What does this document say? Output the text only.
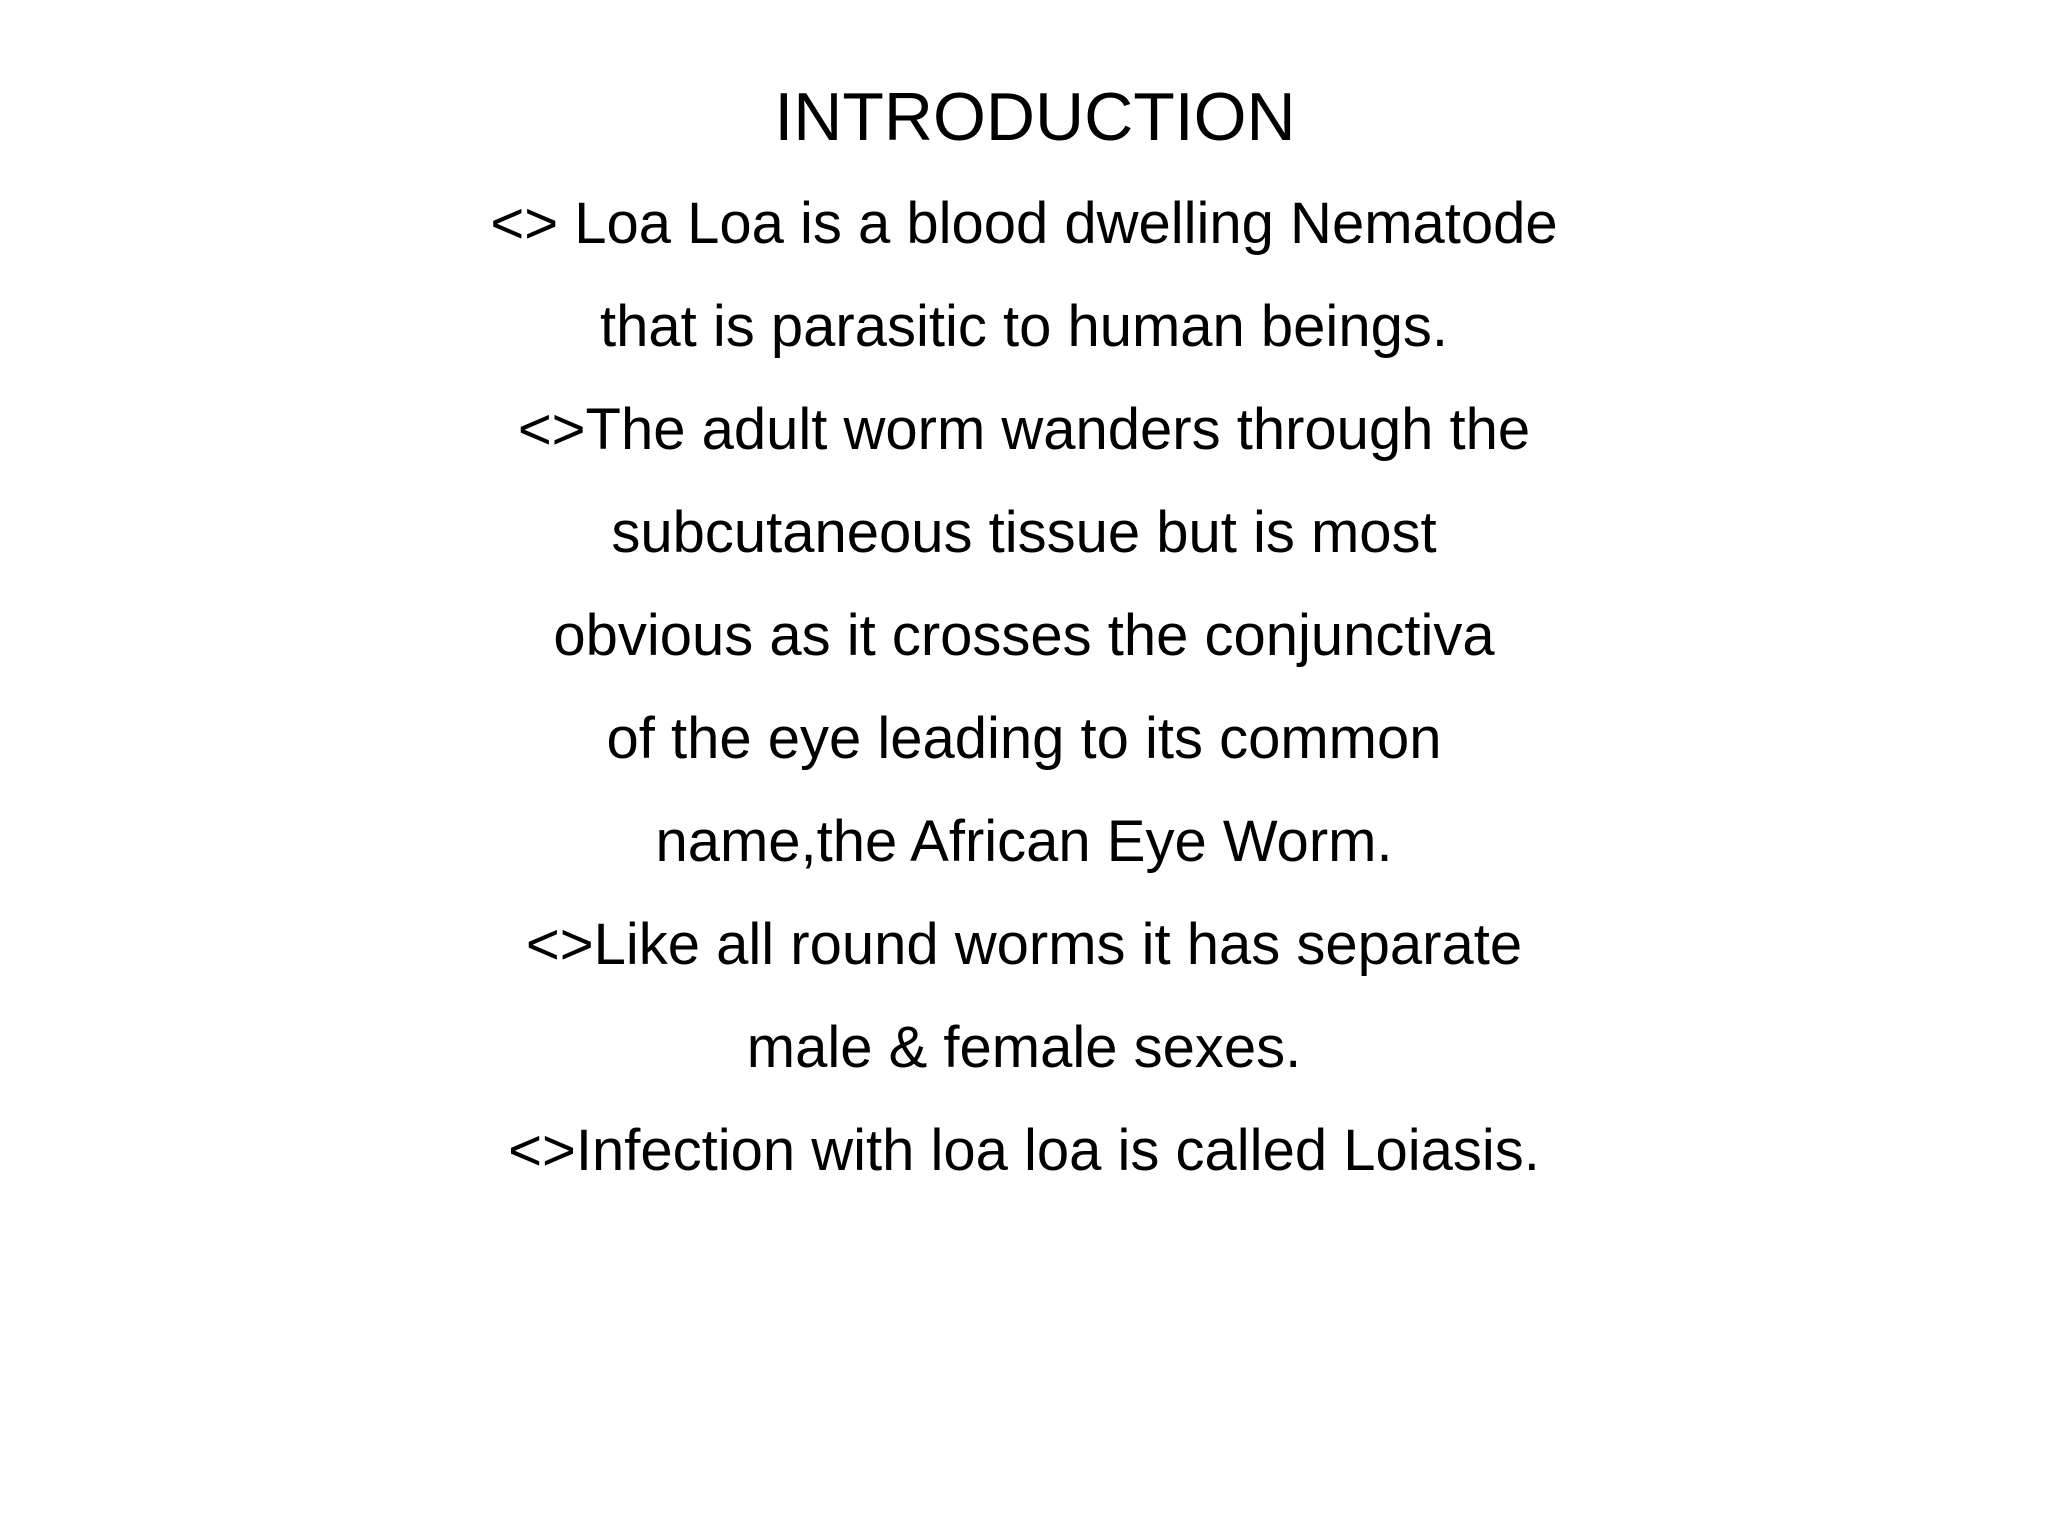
INTRODUCTION
<> Loa Loa is a blood dwelling Nematode
that is parasitic to human beings.
<>The adult worm wanders through the
subcutaneous tissue but is most
obvious as it crosses the conjunctiva
of the eye leading to its common
name,the African Eye Worm.
<>Like all round worms it has separate
male & female sexes.
<>Infection with loa loa is called Loiasis.
